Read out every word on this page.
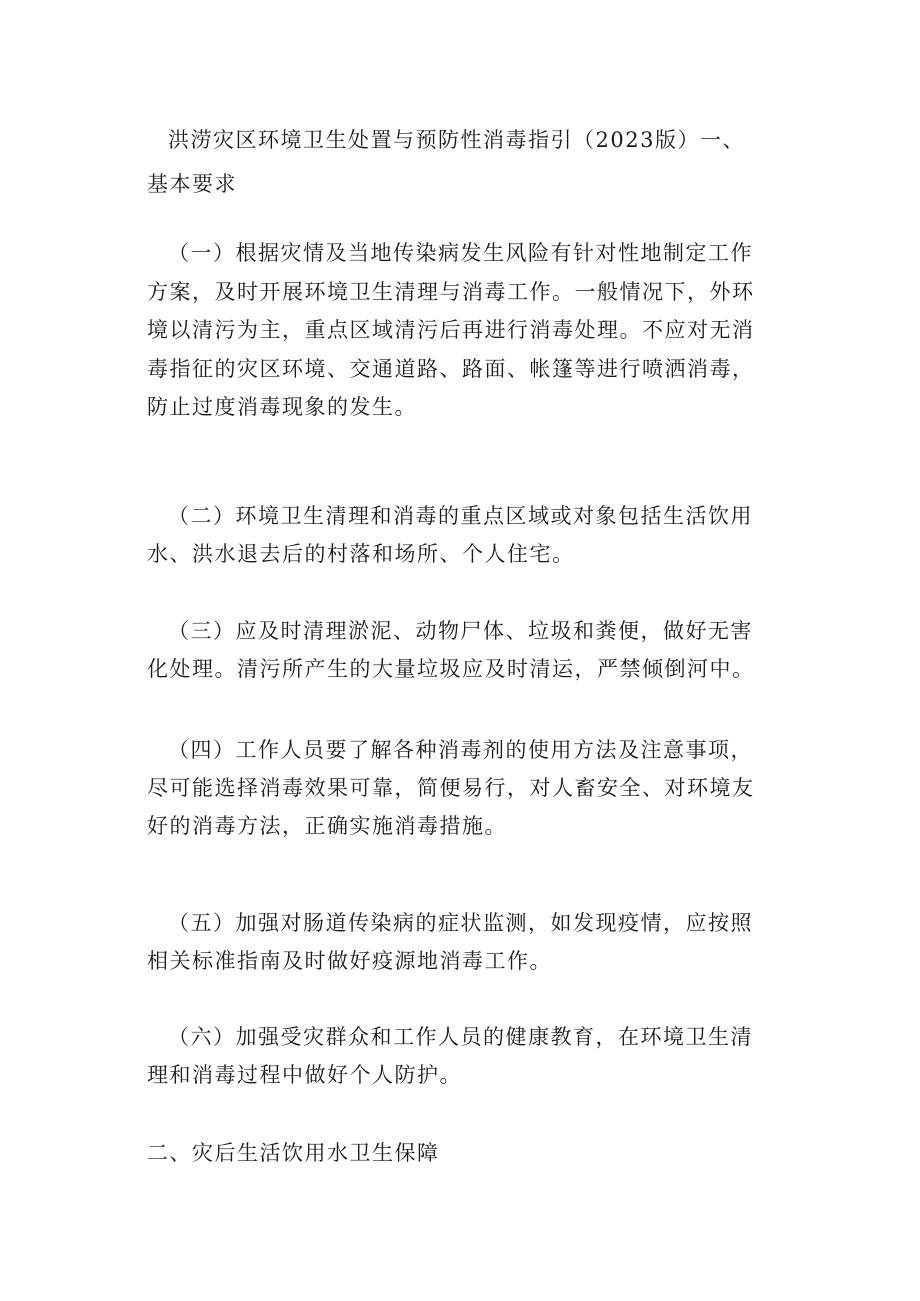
洪涝灾区环境卫生处置与预防性消毒指引（2023版）一、基本要求

（一）根据灾情及当地传染病发生风险有针对性地制定工作方案，及时开展环境卫生清理与消毒工作。一般情况下，外环境以清污为主，重点区域清污后再进行消毒处理。不应对无消毒指征的灾区环境、交通道路、路面、帐篷等进行喷洒消毒，防止过度消毒现象的发生。

（二）环境卫生清理和消毒的重点区域或对象包括生活饮用水、洪水退去后的村落和场所、个人住宅。

（三）应及时清理淤泥、动物尸体、垃圾和粪便，做好无害化处理。清污所产生的大量垃圾应及时清运，严禁倾倒河中。

（四）工作人员要了解各种消毒剂的使用方法及注意事项，尽可能选择消毒效果可靠，简便易行，对人畜安全、对环境友好的消毒方法，正确实施消毒措施。

（五）加强对肠道传染病的症状监测，如发现疫情，应按照相关标准指南及时做好疫源地消毒工作。

（六）加强受灾群众和工作人员的健康教育，在环境卫生清理和消毒过程中做好个人防护。

二、灾后生活饮用水卫生保障
